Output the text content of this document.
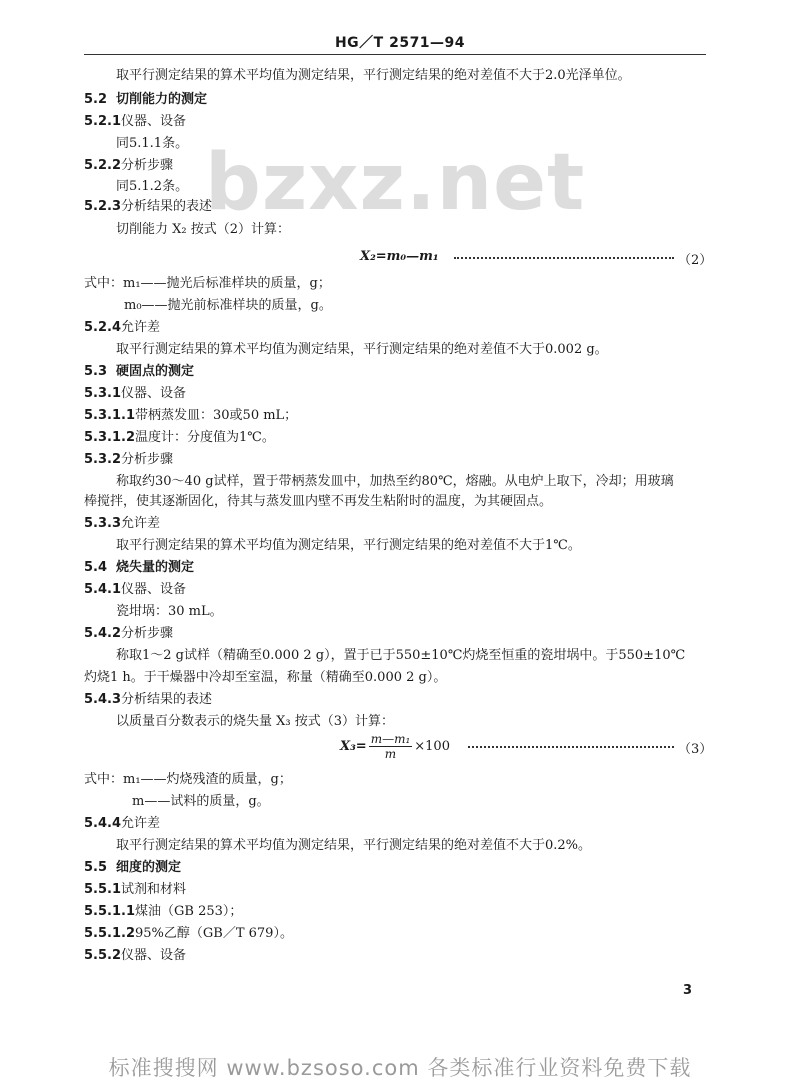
HG／T 2571—94
bzxz.net
取平行测定结果的算术平均值为测定结果，平行测定结果的绝对差值不大于2.0光泽单位。
5.2 切削能力的测定
5.2.1仪器、设备
同5.1.1条。
5.2.2分析步骤
同5.1.2条。
5.2.3分析结果的表述
切削能力 X₂ 按式（2）计算：
X₂=m₀—m₁	（2）
式中：m₁——抛光后标准样块的质量，g；
m₀——抛光前标准样块的质量，g。
5.2.4允许差
取平行测定结果的算术平均值为测定结果，平行测定结果的绝对差值不大于0.002 g。
5.3 硬固点的测定
5.3.1仪器、设备
5.3.1.1带柄蒸发皿：30或50 mL；
5.3.1.2温度计：分度值为1℃。
5.3.2分析步骤
称取约30～40 g试样，置于带柄蒸发皿中，加热至约80℃，熔融。从电炉上取下，冷却；用玻璃
棒搅拌，使其逐渐固化，待其与蒸发皿内壁不再发生粘附时的温度，为其硬固点。
5.3.3允许差
取平行测定结果的算术平均值为测定结果，平行测定结果的绝对差值不大于1℃。
5.4 烧失量的测定
5.4.1仪器、设备
瓷坩埚：30 mL。
5.4.2分析步骤
称取1～2 g试样（精确至0.000 2 g），置于已于550±10℃灼烧至恒重的瓷坩埚中。于550±10℃
灼烧1 h。于干燥器中冷却至室温，称量（精确至0.000 2 g）。
5.4.3分析结果的表述
以质量百分数表示的烧失量 X₃ 按式（3）计算：
$X_3= \frac{\text{m—m₁}}{m} \times 100$	（3）
式中：m₁——灼烧残渣的质量，g；
m——试料的质量，g。
5.4.4允许差
取平行测定结果的算术平均值为测定结果，平行测定结果的绝对差值不大于0.2%。
5.5 细度的测定
5.5.1试剂和材料
5.5.1.1煤油（GB 253）；
5.5.1.295%乙醇（GB／T 679）。
5.5.2仪器、设备
3
标准搜搜网 www.bzsoso.com 各类标准行业资料免费下载
